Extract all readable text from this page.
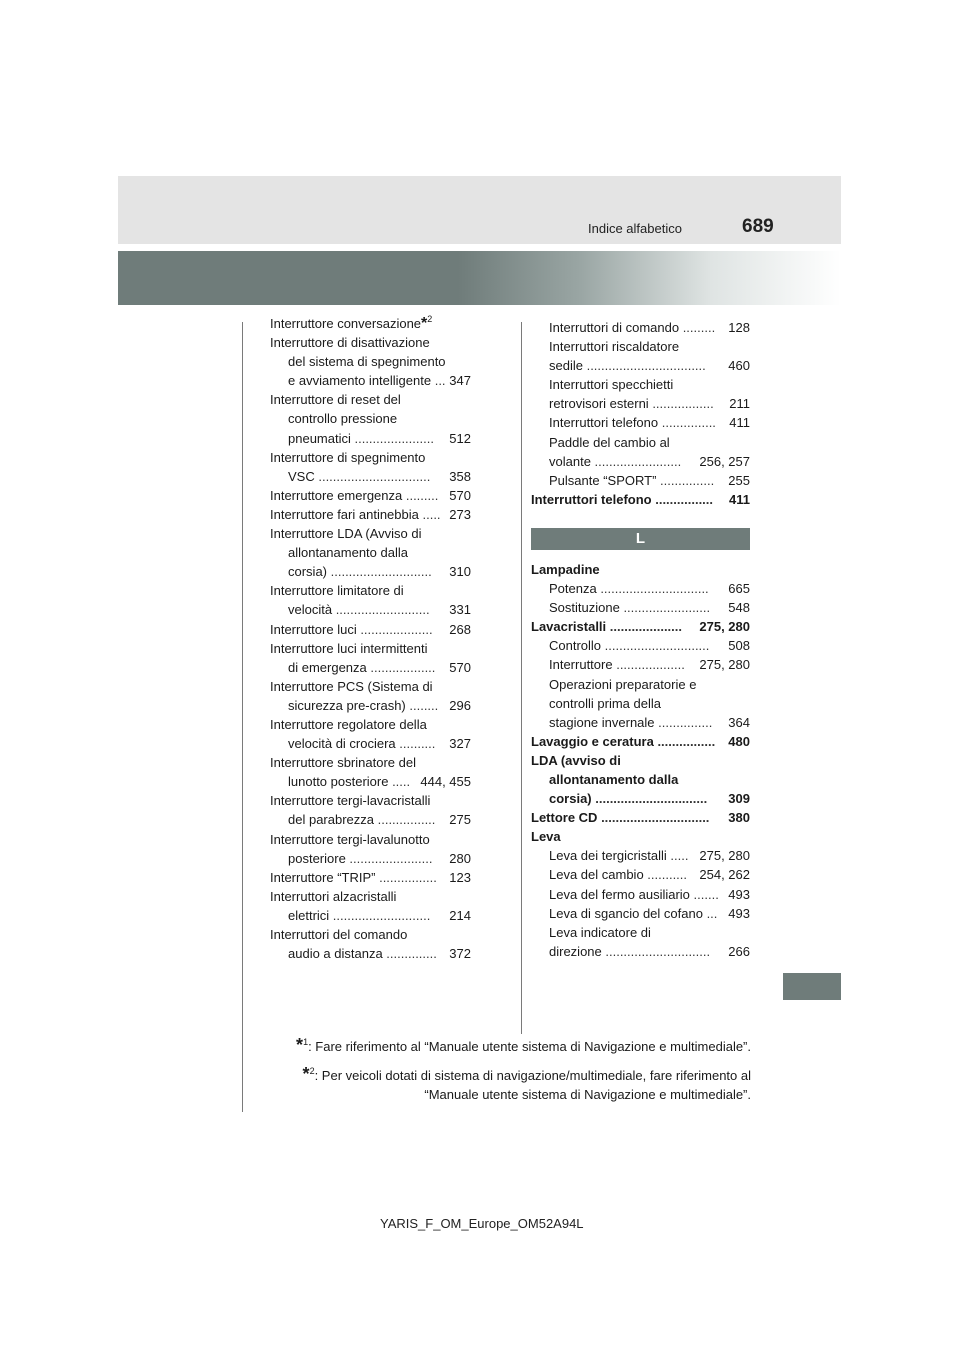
Indice alfabetico	689
Interruttore conversazione*$^2$
Interruttore di disattivazione
del sistema di spegnimento
e avviamento intelligente ... 347
Interruttore di reset del
controllo pressione
pneumatici ...................... 512
Interruttore di spegnimento
VSC ............................... 358
Interruttore emergenza ......... 570
Interruttore fari antinebbia ..... 273
Interruttore LDA (Avviso di
allontanamento dalla
corsia) ............................ 310
Interruttore limitatore di
velocità .......................... 331
Interruttore luci .................... 268
Interruttore luci intermittenti
di emergenza .................. 570
Interruttore PCS (Sistema di
sicurezza pre-crash) ........ 296
Interruttore regolatore della
velocità di crociera .......... 327
Interruttore sbrinatore del
lunotto posteriore ..... 444, 455
Interruttore tergi-lavacristalli
del parabrezza ................ 275
Interruttore tergi-lavalunotto
posteriore ....................... 280
Interruttore “TRIP” ................ 123
Interruttori alzacristalli
elettrici ........................... 214
Interruttori del comando
audio a distanza .............. 372
Interruttori di comando ......... 128
Interruttori riscaldatore
sedile ................................. 460
Interruttori specchietti
retrovisori esterni ................. 211
Interruttori telefono ............... 411
Paddle del cambio al
volante ........................ 256, 257
Pulsante “SPORT” ............... 255
Interruttori telefono ................ 411
L
Lampadine
Potenza .............................. 665
Sostituzione ........................ 548
Lavacristalli .................... 275, 280
Controllo ............................. 508
Interruttore ................... 275, 280
Operazioni preparatorie e
controlli prima della
stagione invernale ............... 364
Lavaggio e ceratura ................ 480
LDA (avviso di
allontanamento dalla
corsia) ............................... 309
Lettore CD .............................. 380
Leva
Leva dei tergicristalli ..... 275, 280
Leva del cambio ........... 254, 262
Leva del fermo ausiliario ....... 493
Leva di sgancio del cofano ... 493
Leva indicatore di
direzione ............................. 266
*$^1$: Fare riferimento al “Manuale utente sistema di Navigazione e multimediale”.
*$^2$: Per veicoli dotati di sistema di navigazione/multimediale, fare riferimento al
“Manuale utente sistema di Navigazione e multimediale”.
YARIS_F_OM_Europe_OM52A94L
